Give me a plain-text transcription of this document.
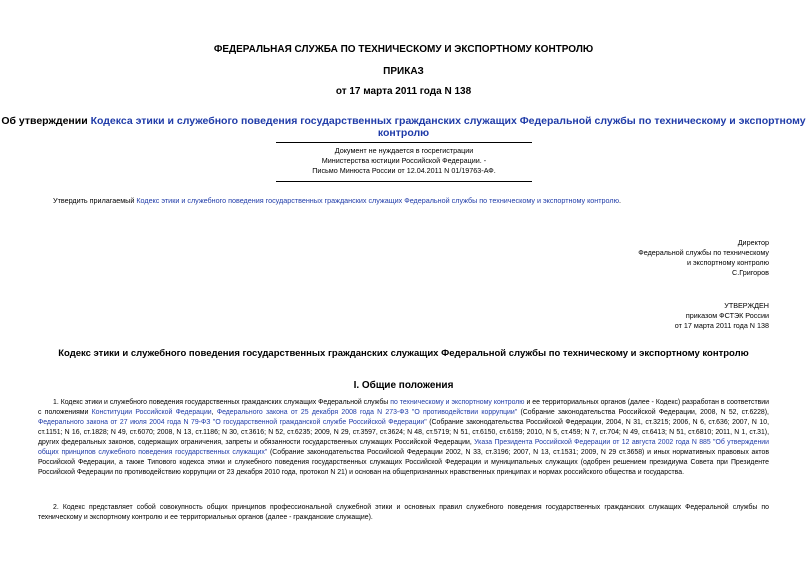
ФЕДЕРАЛЬНАЯ СЛУЖБА ПО ТЕХНИЧЕСКОМУ И ЭКСПОРТНОМУ КОНТРОЛЮ
ПРИКАЗ
от 17 марта 2011 года N 138
Об утверждении Кодекса этики и служебного поведения государственных гражданских служащих Федеральной службы по техническому и экспортному контролю
Документ не нуждается в госрегистрации
Министерства юстиции Российской Федерации. -
Письмо Минюста России от 12.04.2011 N 01/19763-АФ.
Утвердить прилагаемый Кодекс этики и служебного поведения государственных гражданских служащих Федеральной службы по техническому и экспортному контролю.
Директор
Федеральной службы по техническому
и экспортному контролю
С.Григоров
УТВЕРЖДЕН
приказом ФСТЭК России
от 17 марта 2011 года N 138
Кодекс этики и служебного поведения государственных гражданских служащих Федеральной службы по техническому и экспортному контролю
I. Общие положения

1. Кодекс этики и служебного поведения государственных гражданских служащих Федеральной службы по техническому и экспортному контролю и ее территориальных органов (далее - Кодекс) разработан в соответствии с положениями Конституции Российской Федерации, Федерального закона от 25 декабря 2008 года N 273-ФЗ "О противодействии коррупции" (Собрание законодательства Российской Федерации, 2008, N 52, ст.6228), Федерального закона от 27 июля 2004 года N 79-ФЗ "О государственной гражданской службе Российской Федерации" (Собрание законодательства Российской Федерации, 2004, N 31, ст.3215; 2006, N 6, ст.636; 2007, N 10, ст.1151; N 16, ст.1828; N 49, ст.6070; 2008, N 13, ст.1186; N 30, ст.3616; N 52, ст.6235; 2009, N 29, ст.3597, ст.3624; N 48, ст.5719; N 51, ст.6150, ст.6159; 2010, N 5, ст.459; N 7, ст.704; N 49, ст.6413; N 51, ст.6810; 2011, N 1, ст.31), других федеральных законов, содержащих ограничения, запреты и обязанности государственных служащих Российской Федерации, Указа Президента Российской Федерации от 12 августа 2002 года N 885 "Об утверждении общих принципов служебного поведения государственных служащих" (Собрание законодательства Российской Федерации 2002, N 33, ст.3196; 2007, N 13, ст.1531; 2009, N 29 ст.3658) и иных нормативных правовых актов Российской Федерации, а также Типового кодекса этики и служебного поведения государственных служащих Российской Федерации и муниципальных служащих (одобрен решением президиума Совета при Президенте Российской Федерации по противодействию коррупции от 23 декабря 2010 года, протокол N 21) и основан на общепризнанных нравственных принципах и нормах российского общества и государства.

2. Кодекс представляет собой совокупность общих принципов профессиональной служебной этики и основных правил служебного поведения государственных гражданских служащих Федеральной службы по техническому и экспортному контролю и ее территориальных органов (далее - гражданские служащие).
